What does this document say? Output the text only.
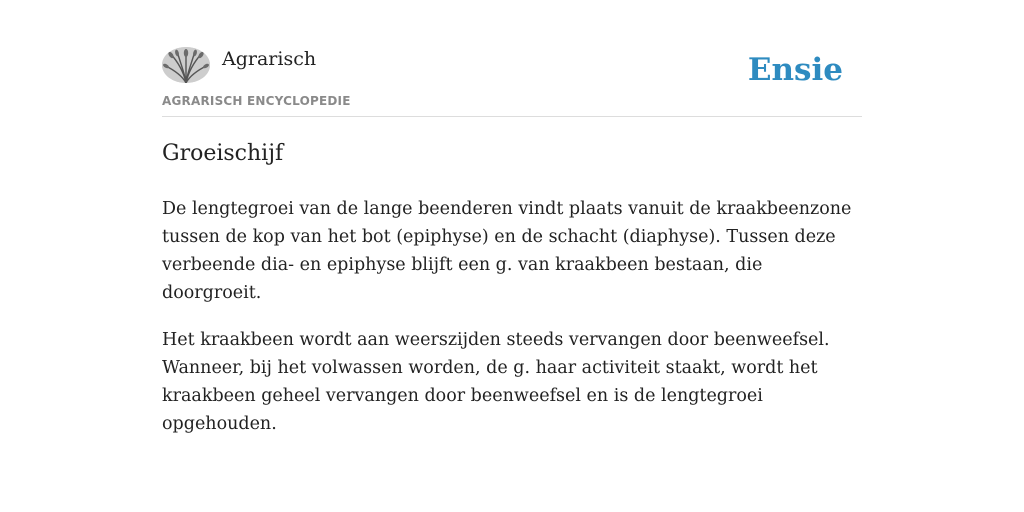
Agrarisch
AGRARISCH ENCYCLOPEDIE
Ensie
Groeischijf

De lengtegroei van de lange beenderen vindt plaats vanuit de kraakbeenzone tussen de kop van het bot (epiphyse) en de schacht (diaphyse). Tussen deze verbeende dia- en epiphyse blijft een g. van kraakbeen bestaan, die doorgroeit.

Het kraakbeen wordt aan weerszijden steeds vervangen door beenweefsel. Wanneer, bij het volwassen worden, de g. haar activiteit staakt, wordt het kraakbeen geheel vervangen door beenweefsel en is de lengtegroei opgehouden.
